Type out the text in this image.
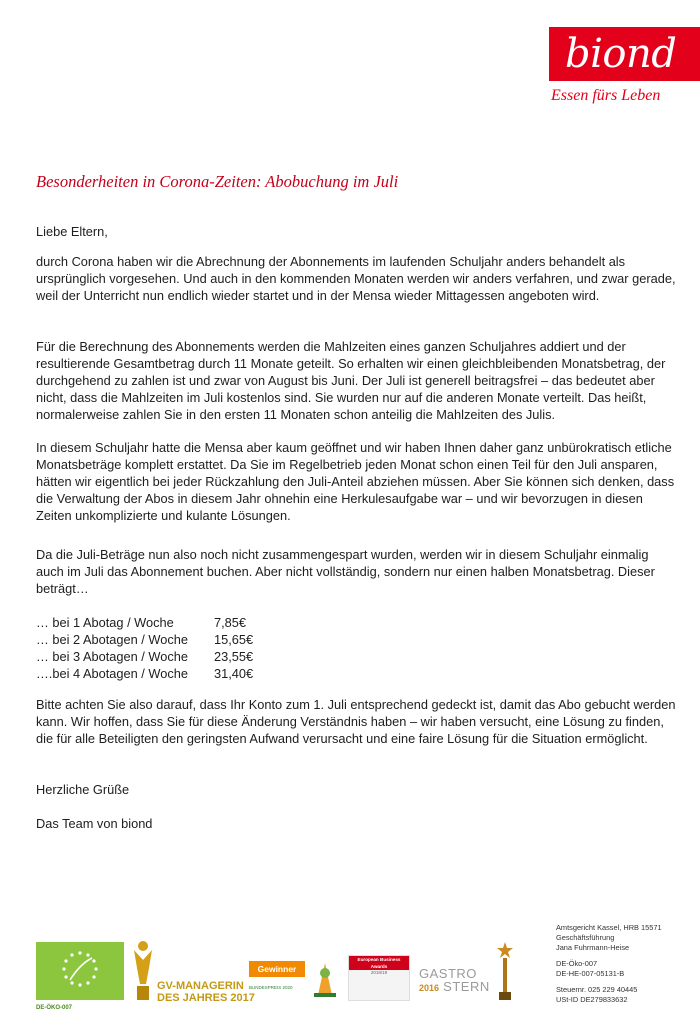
biond
Essen fürs Leben
Besonderheiten in Corona-Zeiten: Abobuchung im Juli
Liebe Eltern,
durch Corona haben wir die Abrechnung der Abonnements im laufenden Schuljahr anders behandelt als ursprünglich vorgesehen. Und auch in den kommenden Monaten werden wir anders verfahren, und zwar gerade, weil der Unterricht nun endlich wieder startet und in der Mensa wieder Mittagessen angeboten wird.
Für die Berechnung des Abonnements werden die Mahlzeiten eines ganzen Schuljahres addiert und der resultierende Gesamtbetrag durch 11 Monate geteilt. So erhalten wir einen gleichbleibenden Monatsbetrag, der durchgehend zu zahlen ist und zwar von August bis Juni. Der Juli ist generell beitragsfrei – das bedeutet aber nicht, dass die Mahlzeiten im Juli kostenlos sind. Sie wurden nur auf die anderen Monate verteilt. Das heißt, normalerweise zahlen Sie in den ersten 11 Monaten schon anteilig die Mahlzeiten des Julis.
In diesem Schuljahr hatte die Mensa aber kaum geöffnet und wir haben Ihnen daher ganz unbürokratisch etliche Monatsbeträge komplett erstattet. Da Sie im Regelbetrieb jeden Monat schon einen Teil für den Juli ansparen, hätten wir eigentlich bei jeder Rückzahlung den Juli-Anteil abziehen müssen. Aber Sie können sich denken, dass die Verwaltung der Abos in diesem Jahr ohnehin eine Herkulesaufgabe war – und wir bevorzugen in diesen Zeiten unkomplizierte und kulante Lösungen.
Da die Juli-Beträge nun also noch nicht zusammengespart wurden, werden wir in diesem Schuljahr einmalig auch im Juli das Abonnement buchen. Aber nicht vollständig, sondern nur einen halben Monatsbetrag. Dieser beträgt…
… bei 1 Abotag / Woche	7,85€
… bei 2 Abotagen / Woche 15,65€
… bei 3 Abotagen / Woche 23,55€
….bei 4 Abotagen / Woche 31,40€
Bitte achten Sie also darauf, dass Ihr Konto zum 1. Juli entsprechend gedeckt ist, damit das Abo gebucht werden kann. Wir hoffen, dass Sie für diese Änderung Verständnis haben – wir haben versucht, eine Lösung zu finden, die für alle Beteiligten den geringsten Aufwand verursacht und eine faire Lösung für die Situation ermöglicht.
Herzliche Grüße
Das Team von biond
DE-ÖKO-007
GV-MANAGERIN
DES JAHRES 2017
Gewinner
BUNDESPREIS 2020
European Business Awards
2018/19	GASTRO
2016 STERN
Amtsgericht Kassel, HRB 15571
Geschäftsführung
Jana Fuhrmann-Heise
DE-Öko-007
DE-HE-007-05131-B
Steuernr. 025 229 40445
USt-ID DE279833632
